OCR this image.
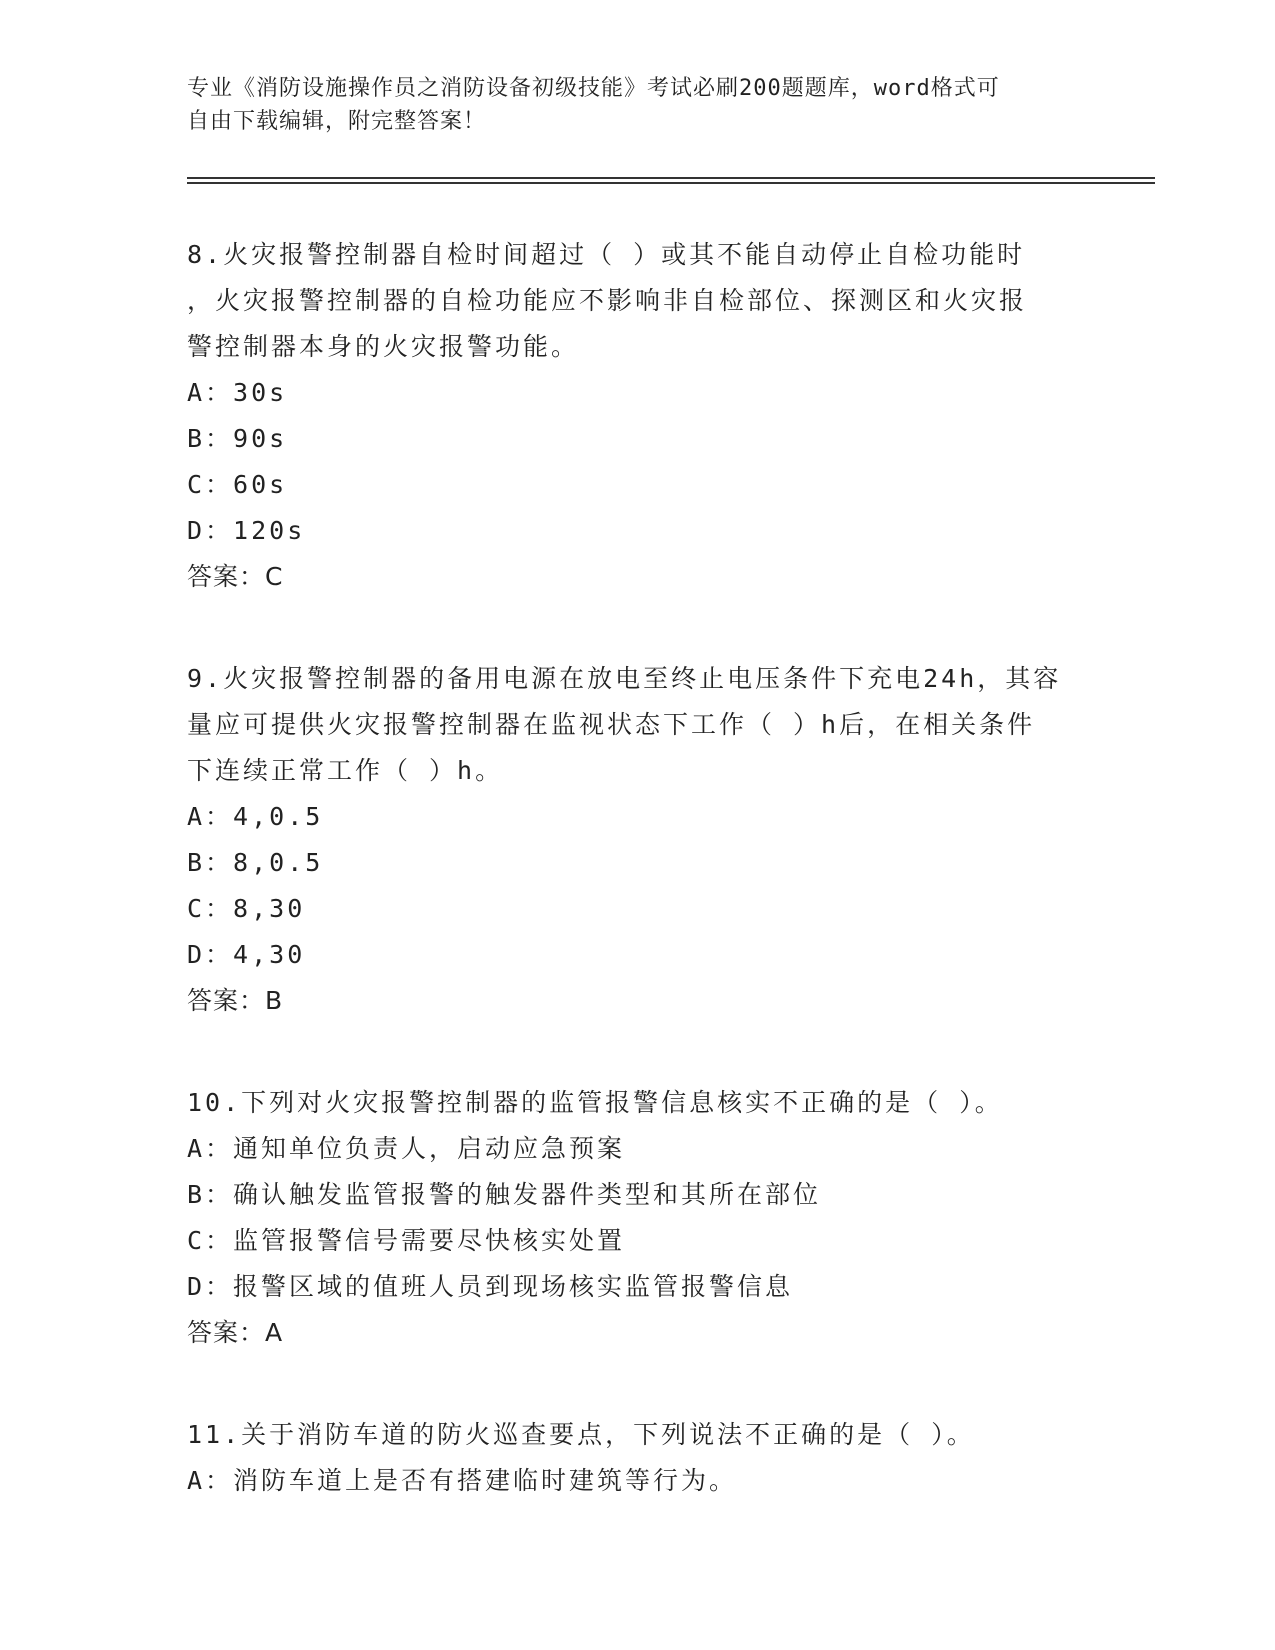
专业《消防设施操作员之消防设备初级技能》考试必刷200题题库，word格式可
自由下载编辑，附完整答案！
8.火灾报警控制器自检时间超过（ ）或其不能自动停止自检功能时
，火灾报警控制器的自检功能应不影响非自检部位、探测区和火灾报
警控制器本身的火灾报警功能。
A：30s
B：90s
C：60s
D：120s
答案：C
9.火灾报警控制器的备用电源在放电至终止电压条件下充电24h，其容
量应可提供火灾报警控制器在监视状态下工作（ ）h后，在相关条件
下连续正常工作（ ）h。
A：4,0.5
B：8,0.5
C：8,30
D：4,30
答案：B
10.下列对火灾报警控制器的监管报警信息核实不正确的是（ ）。
A：通知单位负责人，启动应急预案
B：确认触发监管报警的触发器件类型和其所在部位
C：监管报警信号需要尽快核实处置
D：报警区域的值班人员到现场核实监管报警信息
答案：A
11.关于消防车道的防火巡查要点，下列说法不正确的是（ ）。
A：消防车道上是否有搭建临时建筑等行为。
